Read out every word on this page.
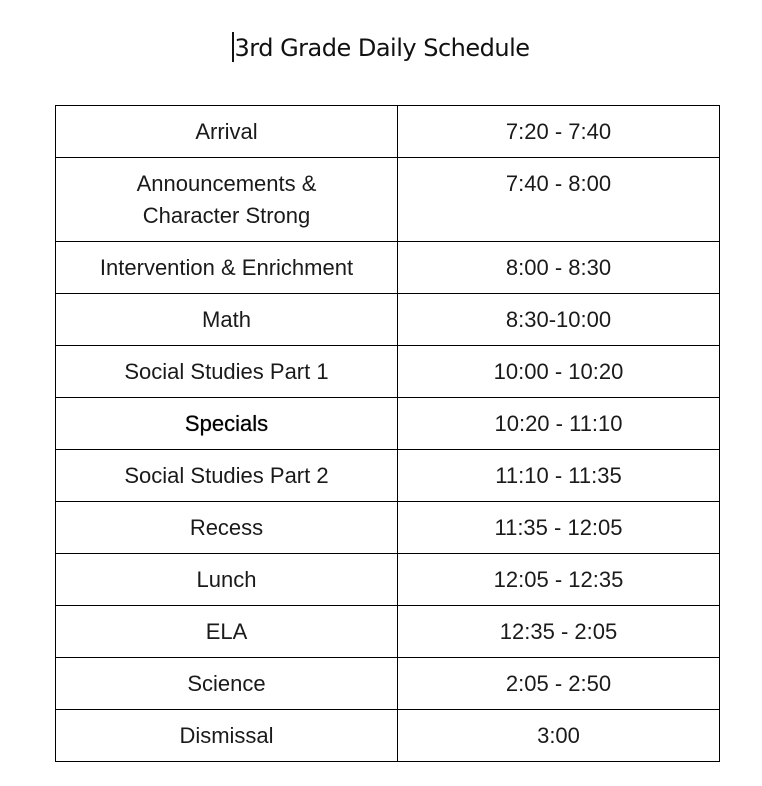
3rd Grade Daily Schedule
Arrival	7:20 - 7:40
Announcements & Character Strong	7:40 - 8:00
Intervention & Enrichment	8:00 - 8:30
Math	8:30-10:00
Social Studies Part 1	10:00 - 10:20
Specials	10:20 - 11:10
Social Studies Part 2	11:10 - 11:35
Recess	11:35 - 12:05
Lunch	12:05 - 12:35
ELA	12:35 - 2:05
Science	2:05 - 2:50
Dismissal	3:00
